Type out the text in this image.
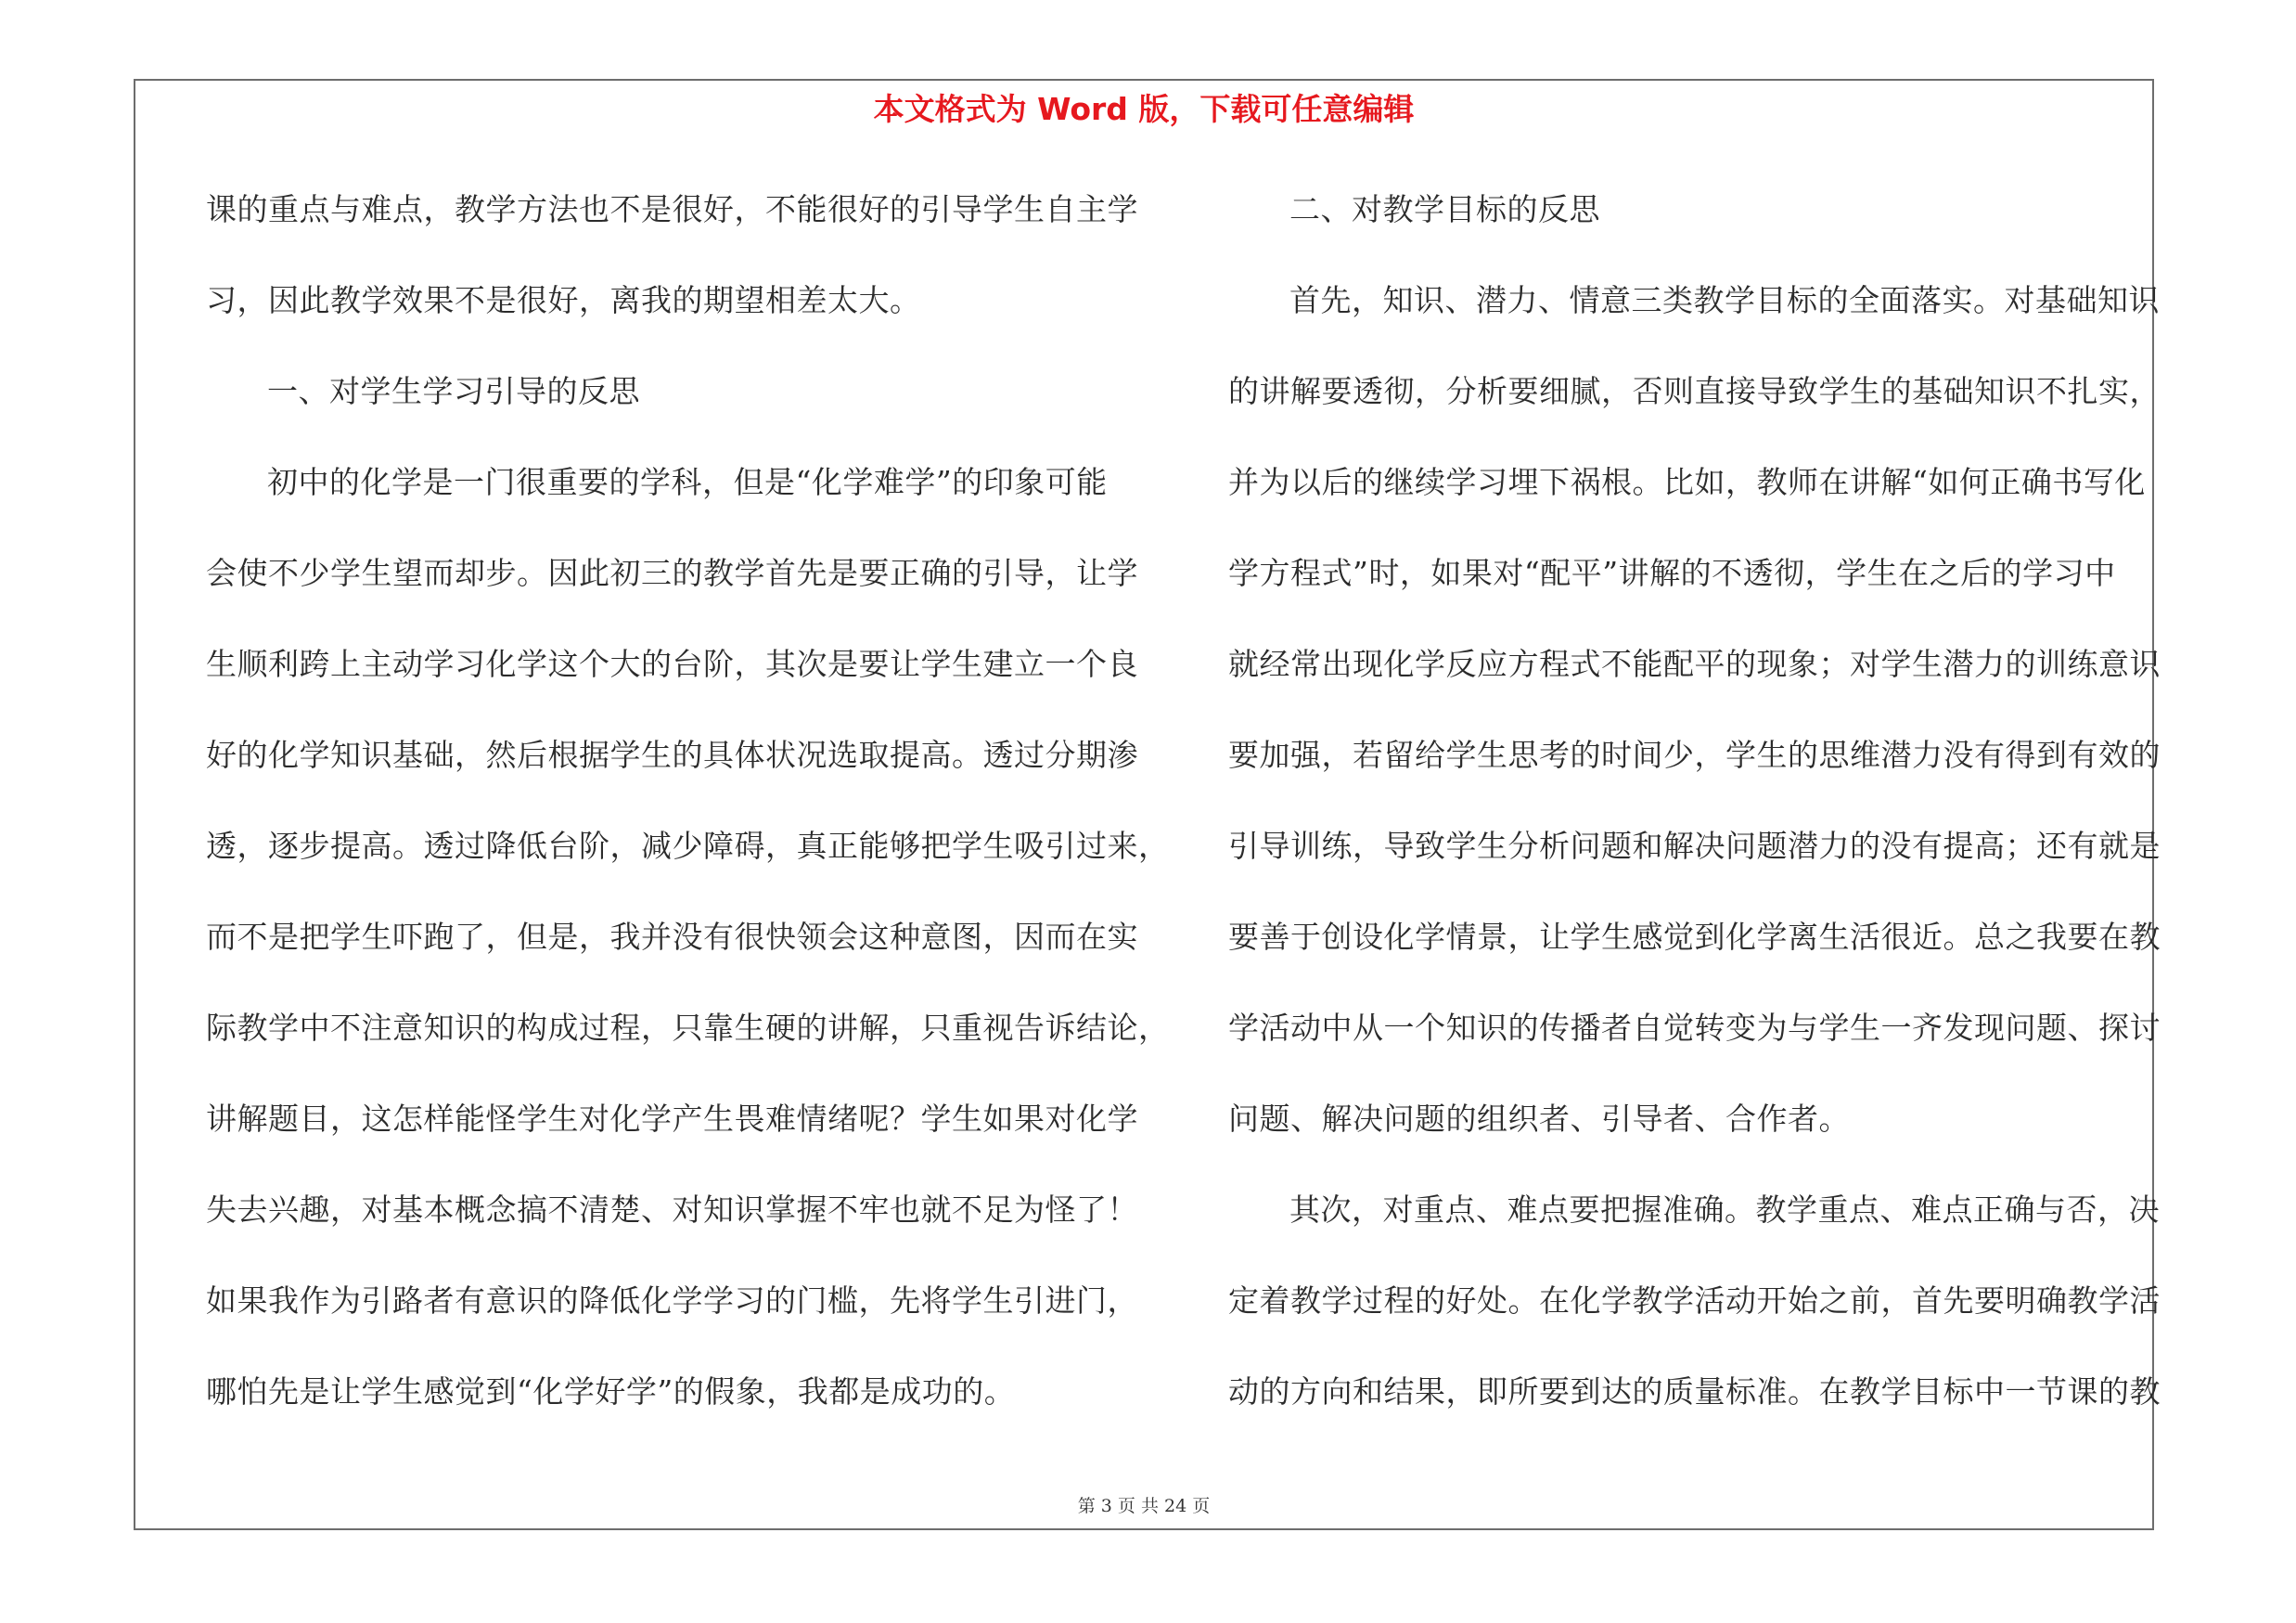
本文格式为 Word 版，下载可任意编辑
课的重点与难点，教学方法也不是很好，不能很好的引导学生自主学
习，因此教学效果不是很好，离我的期望相差太大。
一、对学生学习引导的反思
初中的化学是一门很重要的学科，但是“化学难学”的印象可能
会使不少学生望而却步。因此初三的教学首先是要正确的引导，让学
生顺利跨上主动学习化学这个大的台阶，其次是要让学生建立一个良
好的化学知识基础，然后根据学生的具体状况选取提高。透过分期渗
透，逐步提高。透过降低台阶，减少障碍，真正能够把学生吸引过来，
而不是把学生吓跑了，但是，我并没有很快领会这种意图，因而在实
际教学中不注意知识的构成过程，只靠生硬的讲解，只重视告诉结论，
讲解题目，这怎样能怪学生对化学产生畏难情绪呢？学生如果对化学
失去兴趣，对基本概念搞不清楚、对知识掌握不牢也就不足为怪了！
如果我作为引路者有意识的降低化学学习的门槛，先将学生引进门，
哪怕先是让学生感觉到“化学好学”的假象，我都是成功的。
二、对教学目标的反思
首先，知识、潜力、情意三类教学目标的全面落实。对基础知识
的讲解要透彻，分析要细腻，否则直接导致学生的基础知识不扎实，
并为以后的继续学习埋下祸根。比如，教师在讲解“如何正确书写化
学方程式”时，如果对“配平”讲解的不透彻，学生在之后的学习中
就经常出现化学反应方程式不能配平的现象；对学生潜力的训练意识
要加强，若留给学生思考的时间少，学生的思维潜力没有得到有效的
引导训练，导致学生分析问题和解决问题潜力的没有提高；还有就是
要善于创设化学情景，让学生感觉到化学离生活很近。总之我要在教
学活动中从一个知识的传播者自觉转变为与学生一齐发现问题、探讨
问题、解决问题的组织者、引导者、合作者。
其次，对重点、难点要把握准确。教学重点、难点正确与否，决
定着教学过程的好处。在化学教学活动开始之前，首先要明确教学活
动的方向和结果，即所要到达的质量标准。在教学目标中一节课的教
第 3 页 共 24 页
